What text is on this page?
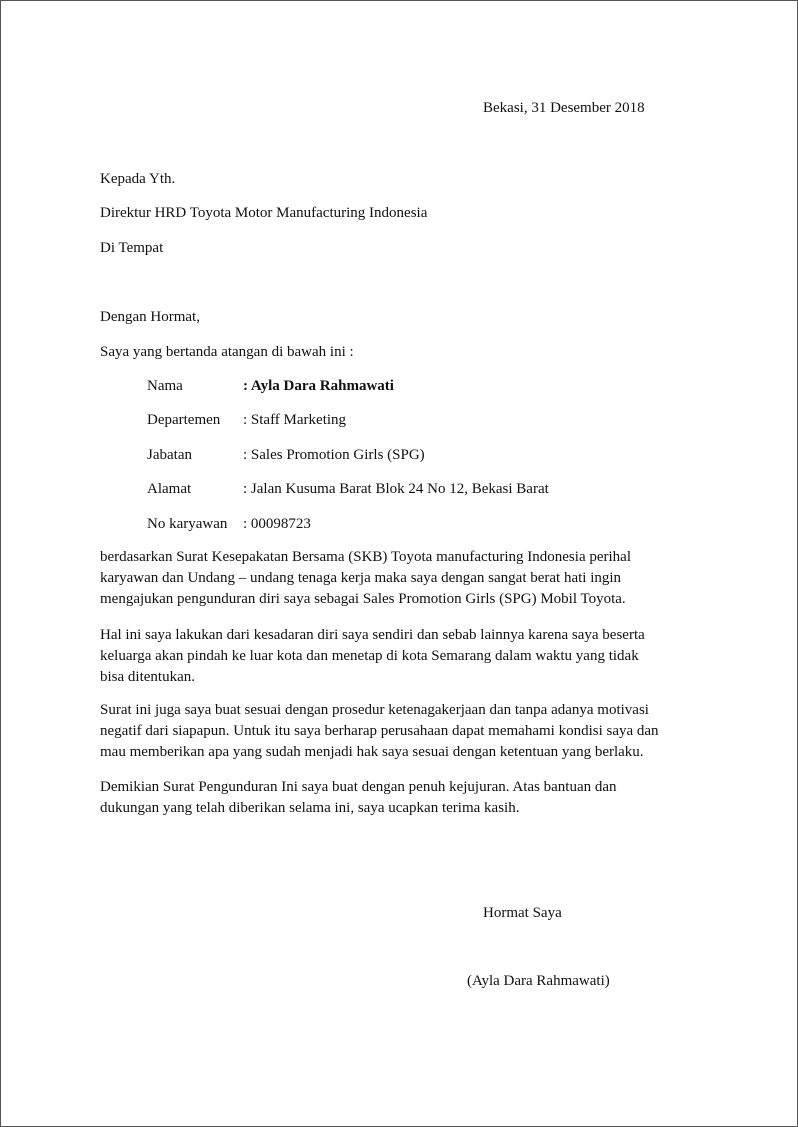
Bekasi, 31 Desember 2018
Kepada Yth.
Direktur HRD Toyota Motor Manufacturing Indonesia
Di Tempat
Dengan Hormat,
Saya yang bertanda atangan di bawah ini :
Nama	: Ayla Dara Rahmawati
Departemen : Staff Marketing
Jabatan	: Sales Promotion Girls (SPG)
Alamat	: Jalan Kusuma Barat Blok 24 No 12, Bekasi Barat
No karyawan : 00098723
berdasarkan Surat Kesepakatan Bersama (SKB) Toyota manufacturing Indonesia perihal
karyawan dan Undang – undang tenaga kerja maka saya dengan sangat berat hati ingin
mengajukan pengunduran diri saya sebagai Sales Promotion Girls (SPG) Mobil Toyota.
Hal ini saya lakukan dari kesadaran diri saya sendiri dan sebab lainnya karena saya beserta
keluarga akan pindah ke luar kota dan menetap di kota Semarang dalam waktu yang tidak
bisa ditentukan.
Surat ini juga saya buat sesuai dengan prosedur ketenagakerjaan dan tanpa adanya motivasi
negatif dari siapapun. Untuk itu saya berharap perusahaan dapat memahami kondisi saya dan
mau memberikan apa yang sudah menjadi hak saya sesuai dengan ketentuan yang berlaku.
Demikian Surat Pengunduran Ini saya buat dengan penuh kejujuran. Atas bantuan dan
dukungan yang telah diberikan selama ini, saya ucapkan terima kasih.
Hormat Saya
(Ayla Dara Rahmawati)
